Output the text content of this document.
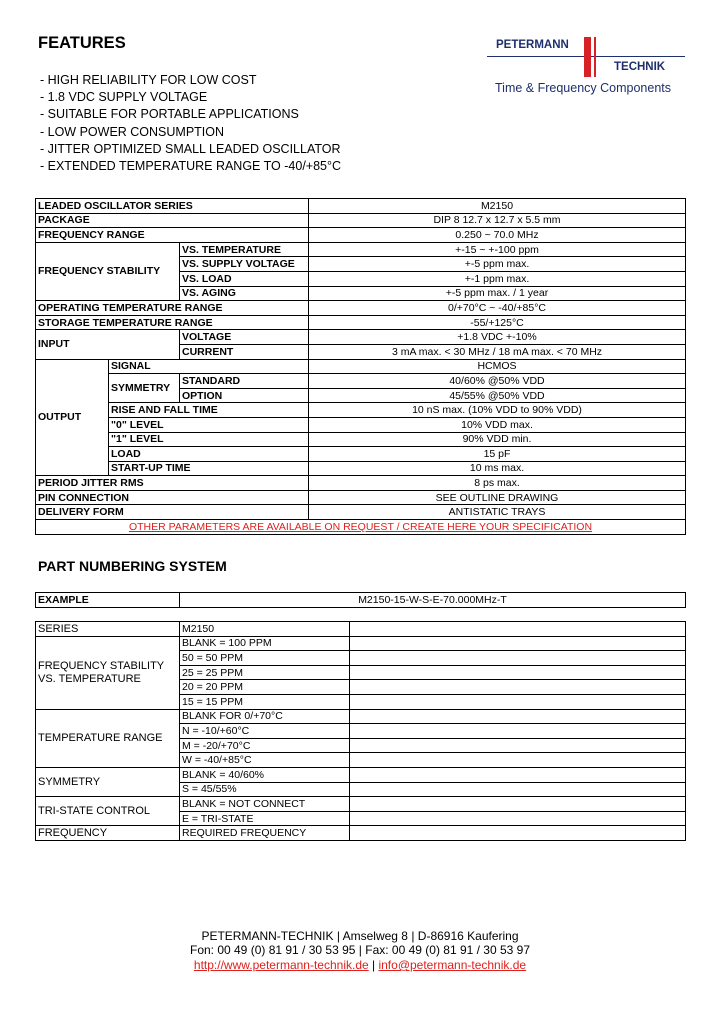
FEATURES
- HIGH RELIABILITY FOR LOW COST
- 1.8 VDC SUPPLY VOLTAGE
- SUITABLE FOR PORTABLE APPLICATIONS
- LOW POWER CONSUMPTION
- JITTER OPTIMIZED SMALL LEADED OSCILLATOR
- EXTENDED TEMPERATURE RANGE TO -40/+85°C
PETERMANN
TECHNIK
Time & Frequency Components
LEADED OSCILLATOR SERIES			M2150
PACKAGE			DIP 8 12.7 x 12.7 x 5.5 mm
FREQUENCY RANGE			0.250 ~ 70.0 MHz
FREQUENCY STABILITY		VS. TEMPERATURE	+-15 ~ +-100 ppm
		VS. SUPPLY VOLTAGE	+-5 ppm max.
		VS. LOAD	+-1 ppm max.
		VS. AGING	+-5 ppm max. / 1 year
OPERATING TEMPERATURE RANGE			0/+70°C ~ -40/+85°C
STORAGE TEMPERATURE RANGE			-55/+125°C
INPUT		VOLTAGE	+1.8 VDC +-10%
		CURRENT	3 mA max. < 30 MHz / 18 mA max. < 70 MHz
OUTPUT	SIGNAL		HCMOS
	SYMMETRY	STANDARD	40/60% @50% VDD
		OPTION	45/55% @50% VDD
	RISE AND FALL TIME		10 nS max. (10% VDD to 90% VDD)
	"0" LEVEL		10% VDD max.
	"1" LEVEL		90% VDD min.
	LOAD		15 pF
	START-UP TIME		10 ms max.
PERIOD JITTER RMS			8 ps max.
PIN CONNECTION			SEE OUTLINE DRAWING
DELIVERY FORM			ANTISTATIC TRAYS
OTHER PARAMETERS ARE AVAILABLE ON REQUEST / CREATE HERE YOUR SPECIFICATION			
PART NUMBERING SYSTEM
EXAMPLE	M2150-15-W-S-E-70.000MHz-T
SERIES	M2150	

FREQUENCY STABILITY
VS. TEMPERATURE	BLANK = 100 PPM	
	50 = 50 PPM	
	25 = 25 PPM	
	20 = 20 PPM	
	15 = 15 PPM	
TEMPERATURE RANGE	BLANK FOR 0/+70°C	
	N = -10/+60°C	
	M = -20/+70°C	
	W = -40/+85°C	
SYMMETRY	BLANK = 40/60%	
	S = 45/55%	
TRI-STATE CONTROL	BLANK = NOT CONNECT	
	E = TRI-STATE	
FREQUENCY	REQUIRED FREQUENCY	
PETERMANN-TECHNIK | Amselweg 8 | D-86916 Kaufering
Fon: 00 49 (0) 81 91 / 30 53 95 | Fax: 00 49 (0) 81 91 / 30 53 97
http://www.petermann-technik.de | info@petermann-technik.de
